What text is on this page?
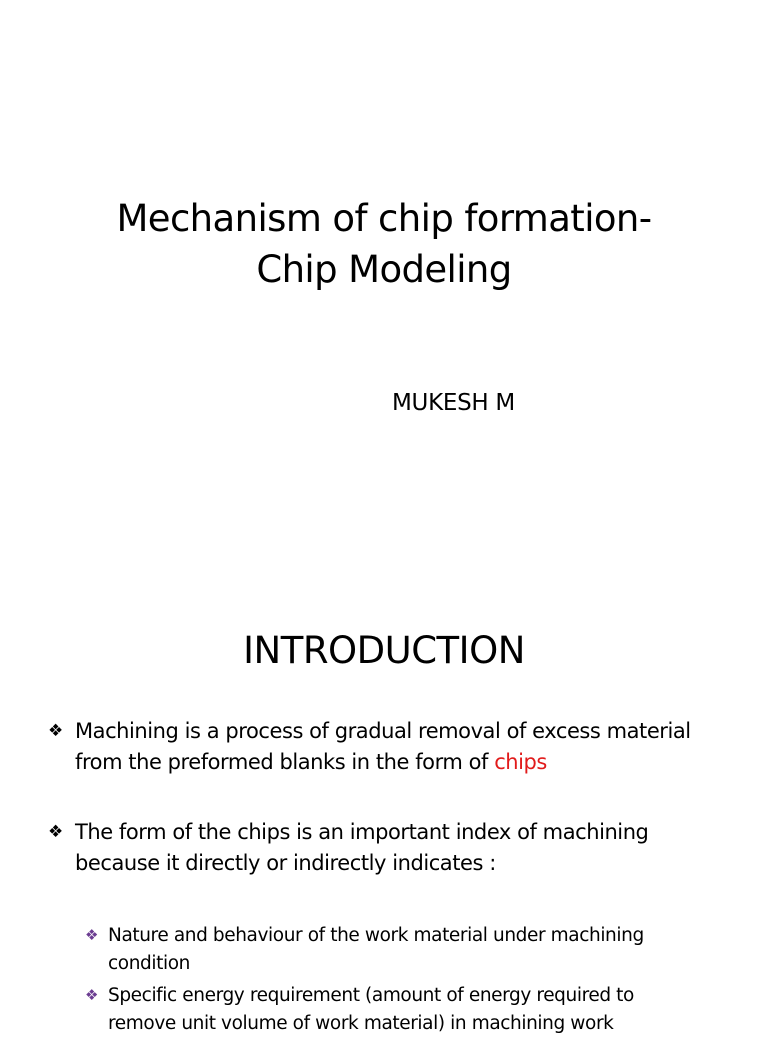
Mechanism of chip formation-
Chip Modeling
MUKESH M
INTRODUCTION
❖ Machining is a process of gradual removal of excess material
from the preformed blanks in the form of chips
❖ The form of the chips is an important index of machining
because it directly or indirectly indicates :
❖ Nature and behaviour of the work material under machining
condition
❖ Specific energy requirement (amount of energy required to
remove unit volume of work material) in machining work
